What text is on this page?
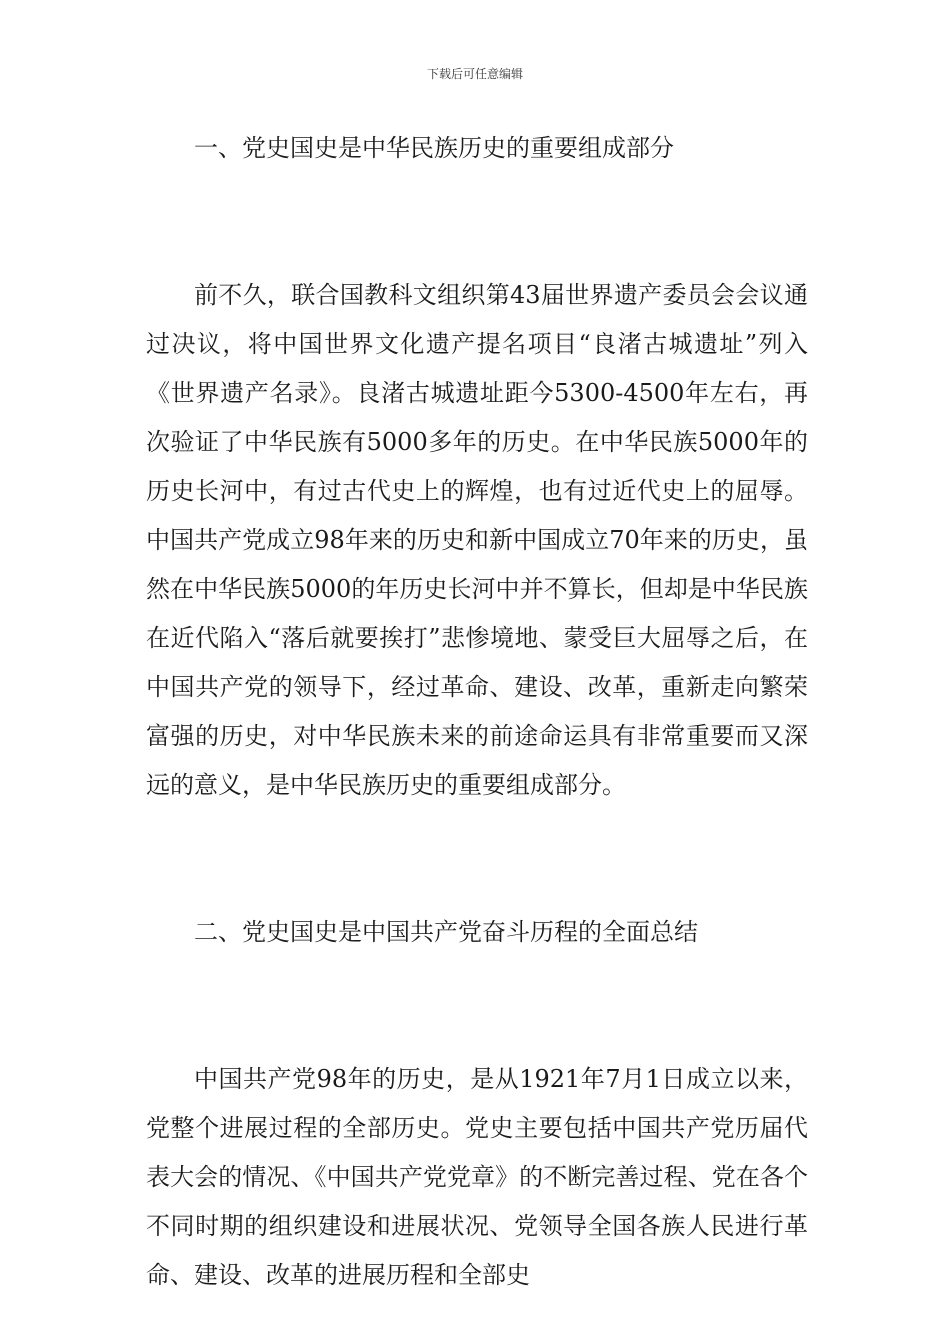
下载后可任意编辑

一、党史国史是中华民族历史的重要组成部分

前不久，联合国教科文组织第43届世界遗产委员会会议通过决议，将中国世界文化遗产提名项目“良渚古城遗址”列入《世界遗产名录》。良渚古城遗址距今5300-4500年左右，再次验证了中华民族有5000多年的历史。在中华民族5000年的历史长河中，有过古代史上的辉煌，也有过近代史上的屈辱。中国共产党成立98年来的历史和新中国成立70年来的历史，虽然在中华民族5000的年历史长河中并不算长，但却是中华民族在近代陷入“落后就要挨打”悲惨境地、蒙受巨大屈辱之后，在中国共产党的领导下，经过革命、建设、改革，重新走向繁荣富强的历史，对中华民族未来的前途命运具有非常重要而又深远的意义，是中华民族历史的重要组成部分。

二、党史国史是中国共产党奋斗历程的全面总结

中国共产党98年的历史，是从1921年7月1日成立以来，党整个进展过程的全部历史。党史主要包括中国共产党历届代表大会的情况、《中国共产党党章》的不断完善过程、党在各个不同时期的组织建设和进展状况、党领导全国各族人民进行革命、建设、改革的进展历程和全部史
